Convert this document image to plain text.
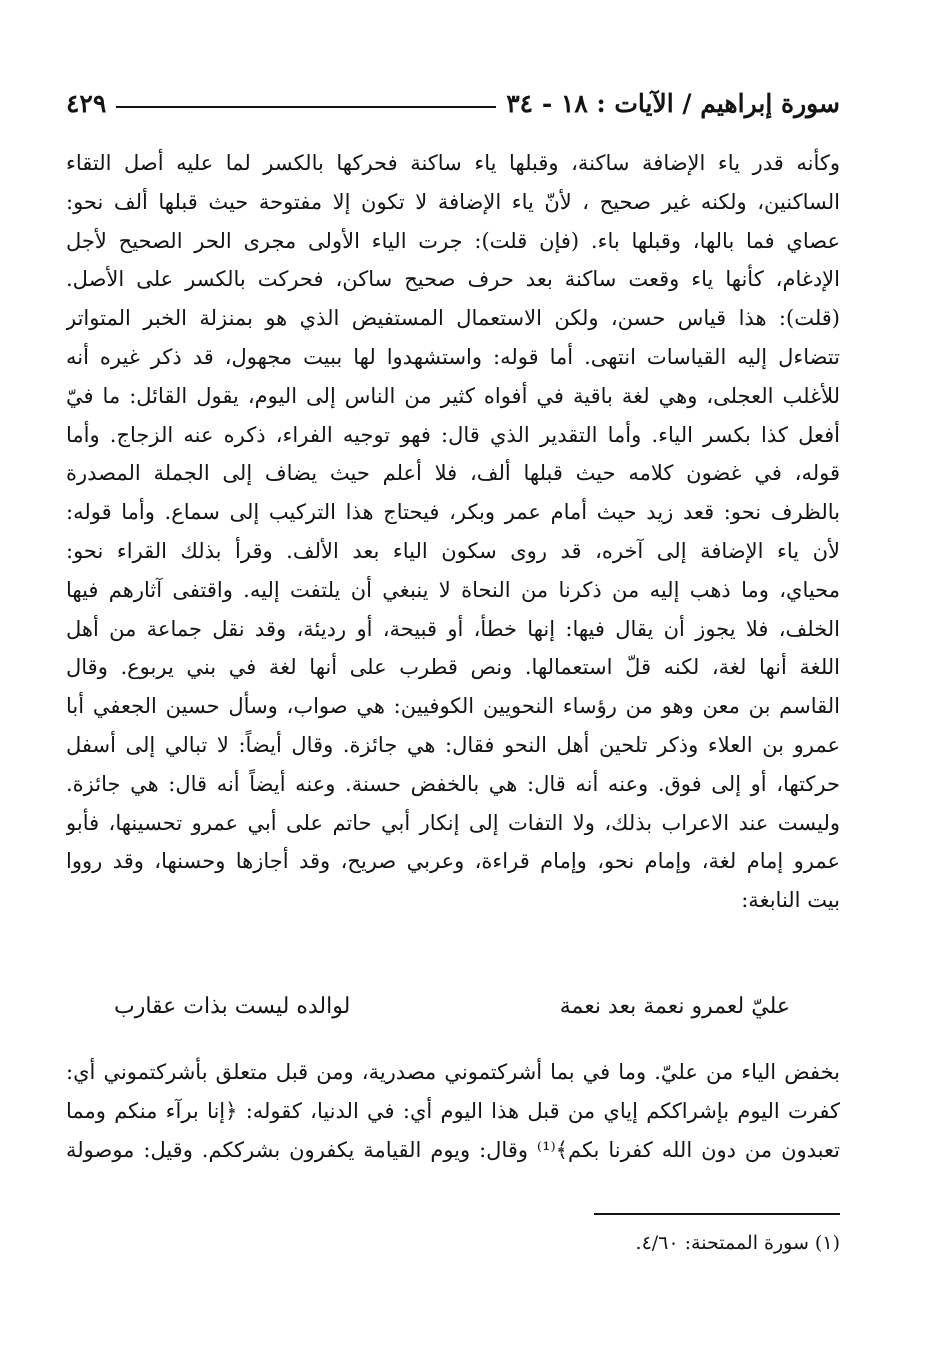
سورة إبراهيم / الآيات : ١٨ - ٣٤
٤٢٩
وكأنه قدر ياء الإضافة ساكنة، وقبلها ياء ساكنة فحركها بالكسر لما عليه أصل التقاء
الساكنين، ولكنه غير صحيح ، لأنّ ياء الإضافة لا تكون إلا مفتوحة حيث قبلها ألف نحو:
عصاي فما بالها، وقبلها باء. (فإن قلت): جرت الياء الأولى مجرى الحر الصحيح لأجل
الإدغام، كأنها ياء وقعت ساكنة بعد حرف صحيح ساكن، فحركت بالكسر على الأصل.
(قلت): هذا قياس حسن، ولكن الاستعمال المستفيض الذي هو بمنزلة الخبر المتواتر
تتضاءل إليه القياسات انتهى. أما قوله: واستشهدوا لها ببيت مجهول، قد ذكر غيره أنه
للأغلب العجلى، وهي لغة باقية في أفواه كثير من الناس إلى اليوم، يقول القائل: ما فيّ
أفعل كذا بكسر الياء. وأما التقدير الذي قال: فهو توجيه الفراء، ذكره عنه الزجاج. وأما
قوله، في غضون كلامه حيث قبلها ألف، فلا أعلم حيث يضاف إلى الجملة المصدرة
بالظرف نحو: قعد زيد حيث أمام عمر وبكر، فيحتاج هذا التركيب إلى سماع. وأما قوله:
لأن ياء الإضافة إلى آخره، قد روى سكون الياء بعد الألف. وقرأ بذلك القراء نحو:
محياي، وما ذهب إليه من ذكرنا من النحاة لا ينبغي أن يلتفت إليه. واقتفى آثارهم فيها
الخلف، فلا يجوز أن يقال فيها: إنها خطأ، أو قبيحة، أو رديئة، وقد نقل جماعة من أهل
اللغة أنها لغة، لكنه قلّ استعمالها. ونص قطرب على أنها لغة في بني يربوع. وقال
القاسم بن معن وهو من رؤساء النحويين الكوفيين: هي صواب، وسأل حسين الجعفي أبا
عمرو بن العلاء وذكر تلحين أهل النحو فقال: هي جائزة. وقال أيضاً: لا تبالي إلى أسفل
حركتها، أو إلى فوق. وعنه أنه قال: هي بالخفض حسنة. وعنه أيضاً أنه قال: هي جائزة.
وليست عند الاعراب بذلك، ولا التفات إلى إنكار أبي حاتم على أبي عمرو تحسينها، فأبو
عمرو إمام لغة، وإمام نحو، وإمام قراءة، وعربي صريح، وقد أجازها وحسنها، وقد رووا
بيت النابغة:
عليّ لعمرو نعمة بعد نعمة
لوالده ليست بذات عقارب
بخفض الياء من عليّ. وما في بما أشركتموني مصدرية، ومن قبل متعلق بأشركتموني أي:
كفرت اليوم بإشراككم إياي من قبل هذا اليوم أي: في الدنيا، كقوله: ﴿إنا برآء منكم ومما
تعبدون من دون الله كفرنا بكم﴾⁽¹⁾ وقال: ويوم القيامة يكفرون بشرككم. وقيل: موصولة
(١) سورة الممتحنة: ٤/٦٠.
